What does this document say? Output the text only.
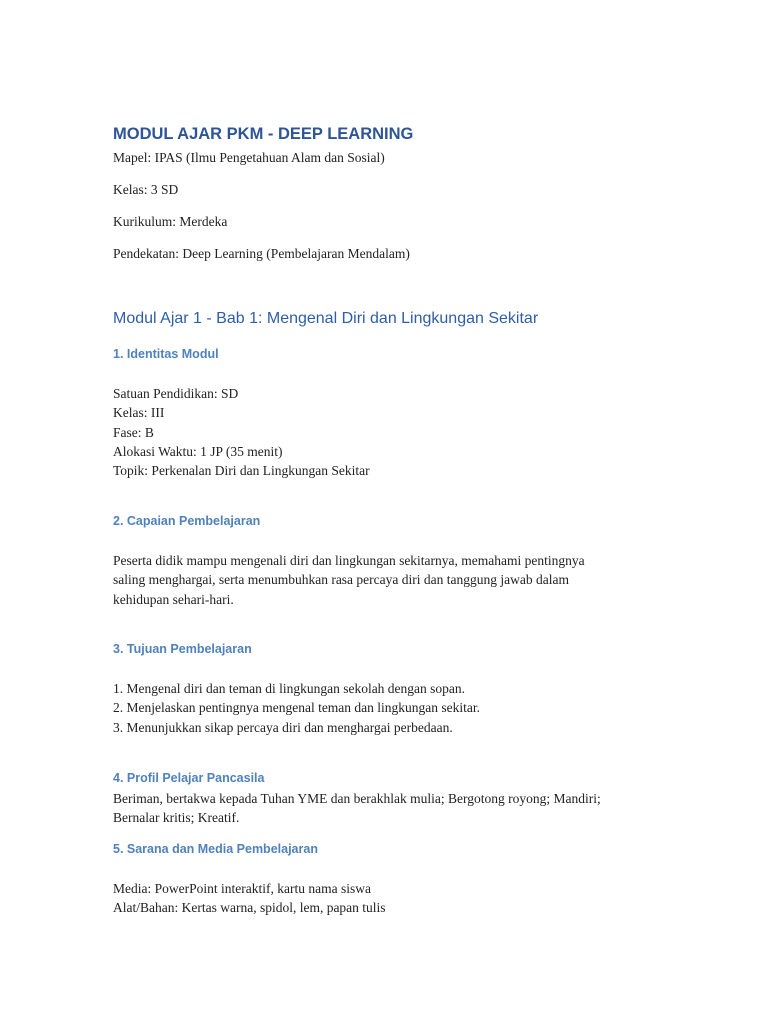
MODUL AJAR PKM - DEEP LEARNING

Mapel: IPAS (Ilmu Pengetahuan Alam dan Sosial)

Kelas: 3 SD

Kurikulum: Merdeka

Pendekatan: Deep Learning (Pembelajaran Mendalam)

Modul Ajar 1 - Bab 1: Mengenal Diri dan Lingkungan Sekitar
1. Identitas Modul

Satuan Pendidikan: SD

Kelas: III

Fase: B

Alokasi Waktu: 1 JP (35 menit)

Topik: Perkenalan Diri dan Lingkungan Sekitar

2. Capaian Pembelajaran

Peserta didik mampu mengenali diri dan lingkungan sekitarnya, memahami pentingnya

saling menghargai, serta menumbuhkan rasa percaya diri dan tanggung jawab dalam

kehidupan sehari-hari.

3. Tujuan Pembelajaran

1. Mengenal diri dan teman di lingkungan sekolah dengan sopan.

2. Menjelaskan pentingnya mengenal teman dan lingkungan sekitar.

3. Menunjukkan sikap percaya diri dan menghargai perbedaan.

4. Profil Pelajar Pancasila

Beriman, bertakwa kepada Tuhan YME dan berakhlak mulia; Bergotong royong; Mandiri;

Bernalar kritis; Kreatif.

5. Sarana dan Media Pembelajaran

Media: PowerPoint interaktif, kartu nama siswa

Alat/Bahan: Kertas warna, spidol, lem, papan tulis
